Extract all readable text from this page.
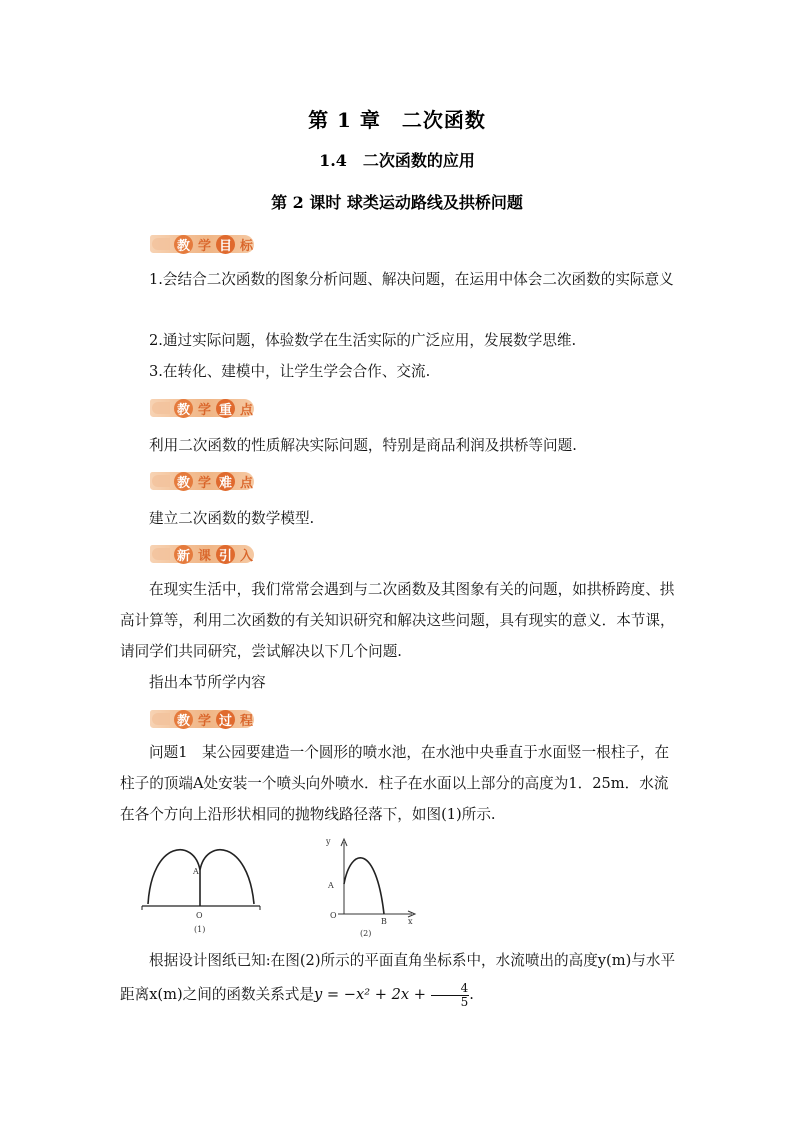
第 1 章　二次函数
1.4　二次函数的应用
第 2 课时 球类运动路线及拱桥问题
教 学 目 标
1.会结合二次函数的图象分析问题、解决问题，在运用中体会二次函数的实际意义
2.通过实际问题，体验数学在生活实际的广泛应用，发展数学思维.
3.在转化、建模中，让学生学会合作、交流.
教 学 重 点
利用二次函数的性质解决实际问题，特别是商品利润及拱桥等问题.
教 学 难 点
建立二次函数的数学模型.
新 课 引 入
在现实生活中，我们常常会遇到与二次函数及其图象有关的问题，如拱桥跨度、拱高计算等，利用二次函数的有关知识研究和解决这些问题，具有现实的意义．本节课，请同学们共同研究，尝试解决以下几个问题.
指出本节所学内容
教 学 过 程
问题1　某公园要建造一个圆形的喷水池，在水池中央垂直于水面竖一根柱子，在柱子的顶端A处安装一个喷头向外喷水．柱子在水面以上部分的高度为1．25m．水流在各个方向上沿形状相同的抛物线路径落下，如图(1)所示.
A
O
(1)
y
A
O
B	x
(2)
根据设计图纸已知:在图(2)所示的平面直角坐标系中，水流喷出的高度y(m)与水平距离x(m)之间的函数关系式是$y = -x^2 + 2x + \frac{4}{5}$ .
